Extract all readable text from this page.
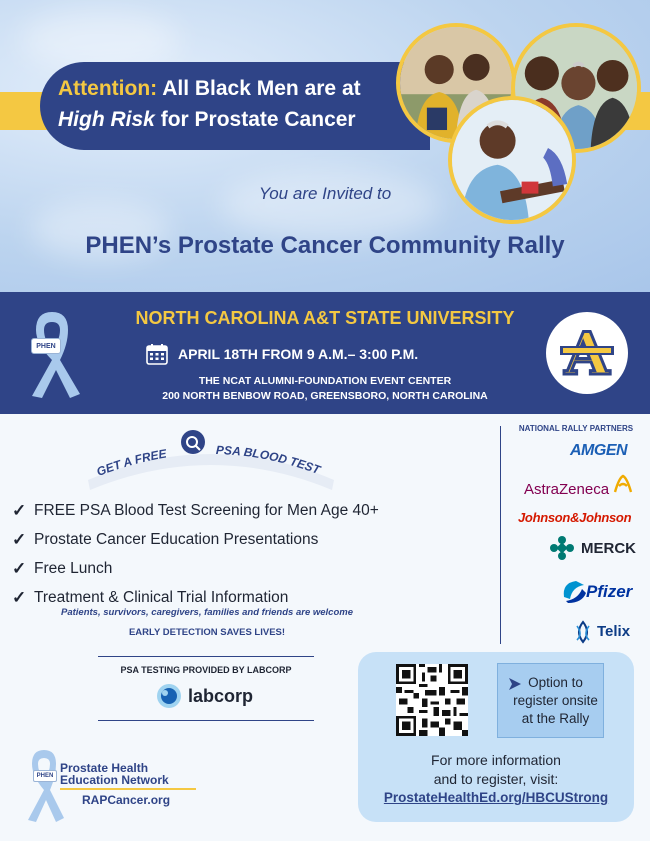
Attention: All Black Men are at
High Risk for Prostate Cancer
You are Invited to
PHEN’s Prostate Cancer Community Rally
PHEN
NORTH CAROLINA A&T STATE UNIVERSITY
APRIL 18TH FROM 9 A.M.– 3:00 P.M.
THE NCAT ALUMNI-FOUNDATION EVENT CENTER
200 NORTH BENBOW ROAD, GREENSBORO, NORTH CAROLINA
GET A FREE	PSA BLOOD TEST
✓ FREE PSA Blood Test Screening for Men Age 40+
✓ Prostate Cancer Education Presentations
✓ Free Lunch
✓ Treatment & Clinical Trial Information
Patients, survivors, caregivers, families and friends are welcome
EARLY DETECTION SAVES LIVES!
PSA TESTING PROVIDED BY LABCORP
labcorp
PHEN
Prostate Health
Education Network
RAPCancer.org
NATIONAL RALLY PARTNERS
AMGEN
AstraZeneca
Johnson&Johnson
MERCK
Pfizer
Telix
Option to register onsite at the Rally
For more information
and to register, visit:
ProstateHealthEd.org/HBCUStrong
